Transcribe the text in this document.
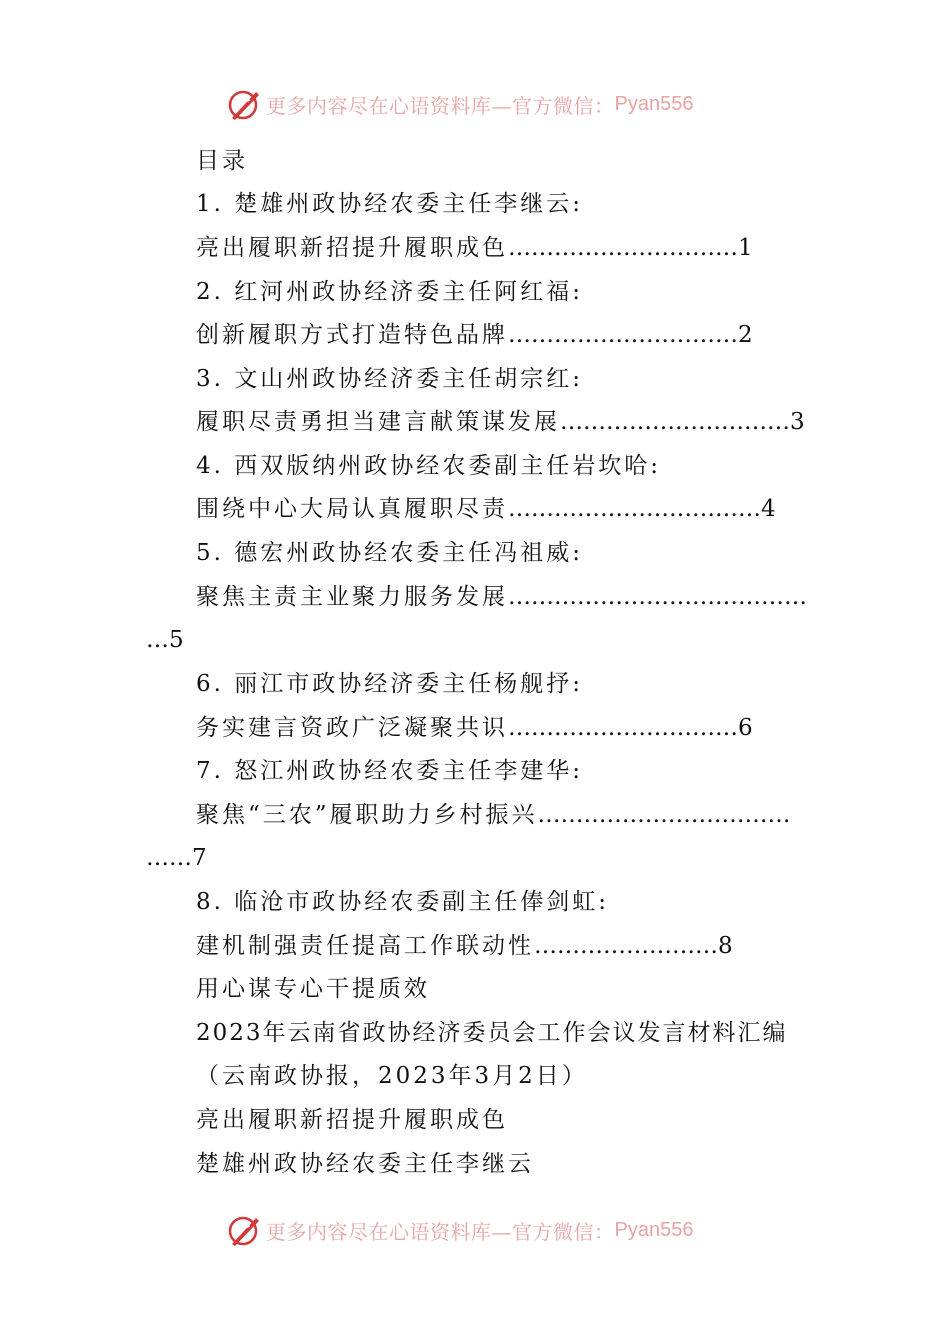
更多内容尽在心语资料库—官方微信： Pyan556
目录
1. 楚雄州政协经农委主任李继云:
亮出履职新招提升履职成色 ………………………… 1
2. 红河州政协经济委主任阿红福:
创新履职方式打造特色品牌 ………………………… 2
3. 文山州政协经济委主任胡宗红:
履职尽责勇担当建言献策谋发展 ………………………… 3
4. 西双版纳州政协经农委副主任岩坎哈:
围绕中心大局认真履职尽责 …………………………… 4
5. 德宏州政协经农委主任冯祖威:
聚焦主责主业聚力服务发展 …………………………………
…5
6. 丽江市政协经济委主任杨舰抒:
务实建言资政广泛凝聚共识 ………………………… 6
7. 怒江州政协经农委主任李建华:
聚焦“三农”履职助力乡村振兴 ……………………………
……7
8. 临沧市政协经农委副主任俸剑虹:
建机制强责任提高工作联动性 …………………… 8
用心谋专心干提质效
2023年云南省政协经济委员会工作会议发言材料汇编
（云南政协报，2023年3月2日）
亮出履职新招提升履职成色
楚雄州政协经农委主任李继云
更多内容尽在心语资料库—官方微信： Pyan556
